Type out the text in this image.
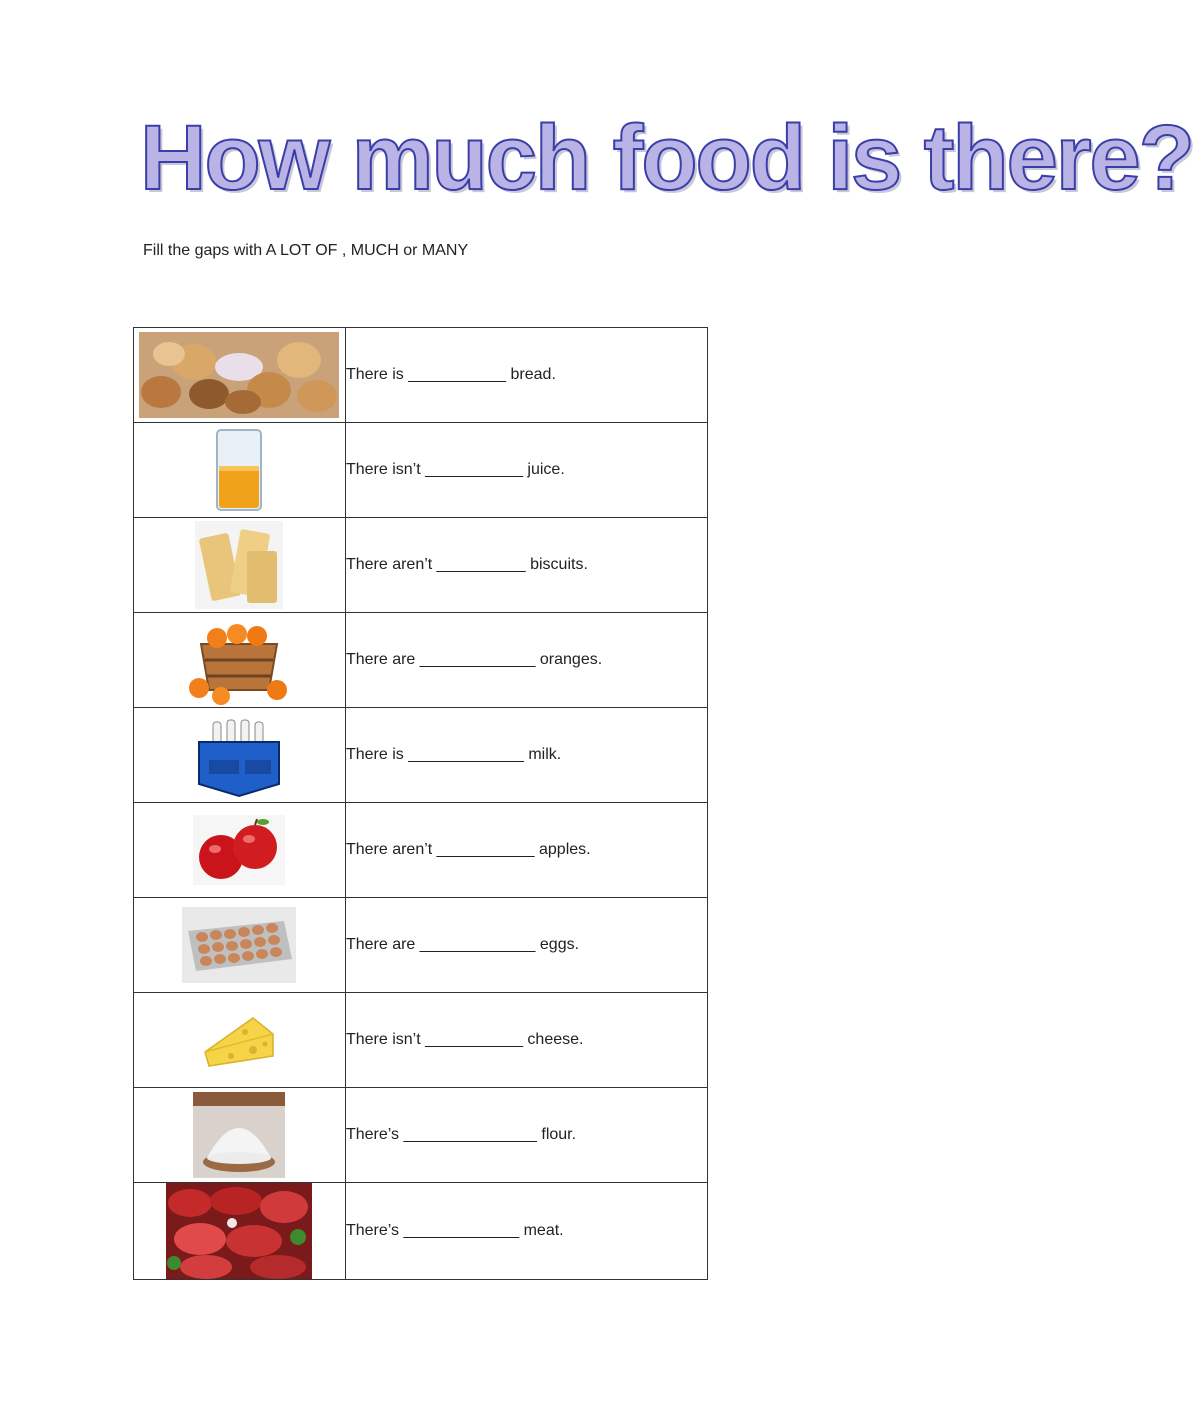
How much food is there?
Fill the gaps with A LOT OF , MUCH or MANY
	There is ___________ bread.
	There isn’t ___________ juice.
	There aren’t __________ biscuits.
	There are _____________ oranges.
	There is _____________ milk.
	There aren’t ___________ apples.
	There are _____________ eggs.
	There isn’t ___________ cheese.
	There’s _______________ flour.
	There’s _____________ meat.
